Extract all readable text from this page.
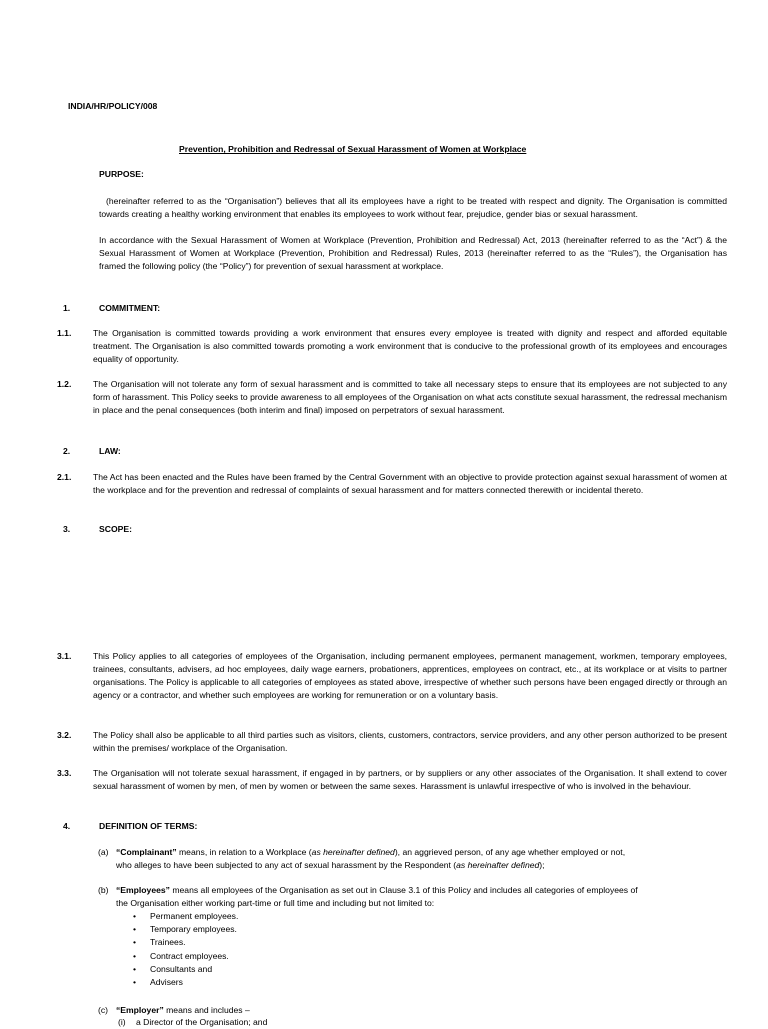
INDIA/HR/POLICY/008
Prevention, Prohibition and Redressal of Sexual Harassment of Women at Workplace
PURPOSE:
(hereinafter referred to as the “Organisation”) believes that all its employees have a right to be treated with respect and dignity. The Organisation is committed towards creating a healthy working environment that enables its employees to work without fear, prejudice, gender bias or sexual harassment.
In accordance with the Sexual Harassment of Women at Workplace (Prevention, Prohibition and Redressal) Act, 2013 (hereinafter referred to as the “Act”) & the Sexual Harassment of Women at Workplace (Prevention, Prohibition and Redressal) Rules, 2013 (hereinafter referred to as the “Rules”), the Organisation has framed the following policy (the “Policy”) for prevention of sexual harassment at workplace.
1.	COMMITMENT:
1.1.	The Organisation is committed towards providing a work environment that ensures every employee is treated with dignity and respect and afforded equitable treatment. The Organisation is also committed towards promoting a work environment that is conducive to the professional growth of its employees and encourages equality of opportunity.
1.2.	The Organisation will not tolerate any form of sexual harassment and is committed to take all necessary steps to ensure that its employees are not subjected to any form of harassment. This Policy seeks to provide awareness to all employees of the Organisation on what acts constitute sexual harassment, the redressal mechanism in place and the penal consequences (both interim and final) imposed on perpetrators of sexual harassment.
2.	LAW:
2.1.	The Act has been enacted and the Rules have been framed by the Central Government with an objective to provide protection against sexual harassment of women at the workplace and for the prevention and redressal of complaints of sexual harassment and for matters connected therewith or incidental thereto.
3.	SCOPE:
3.1.	This Policy applies to all categories of employees of the Organisation, including permanent employees, permanent management, workmen, temporary employees, trainees, consultants, advisers, ad hoc employees, daily wage earners, probationers, apprentices, employees on contract, etc., at its workplace or at visits to partner organisations. The Policy is applicable to all categories of employees as stated above, irrespective of whether such persons have been engaged directly or through an agency or a contractor, and whether such employees are working for remuneration or on a voluntary basis.
3.2.	The Policy shall also be applicable to all third parties such as visitors, clients, customers, contractors, service providers, and any other person authorized to be present within the premises/ workplace of the Organisation.
3.3.	The Organisation will not tolerate sexual harassment, if engaged in by partners, or by suppliers or any other associates of the Organisation. It shall extend to cover sexual harassment of women by men, of men by women or between the same sexes. Harassment is unlawful irrespective of who is involved in the behaviour.
4.	DEFINITION OF TERMS:
(a) “Complainant” means, in relation to a Workplace (as hereinafter defined), an aggrieved person, of any age whether employed or not,
who alleges to have been subjected to any act of sexual harassment by the Respondent (as hereinafter defined);
(b) “Employees” means all employees of the Organisation as set out in Clause 3.1 of this Policy and includes all categories of employees of
the Organisation either working part-time or full time and including but not limited to:
• Permanent employees.
• Temporary employees.
• Trainees.
• Contract employees.
• Consultants and
• Advisers
(c) “Employer” means and includes –
(i) a Director of the Organisation; and
